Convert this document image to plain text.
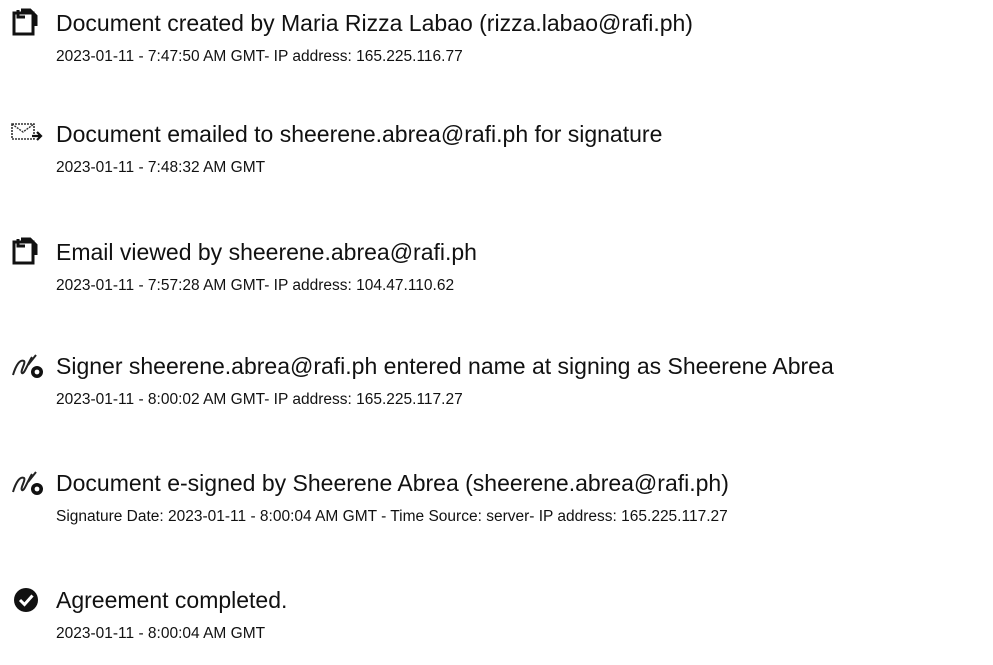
Document created by Maria Rizza Labao (rizza.labao@rafi.ph)
2023-01-11 - 7:47:50 AM GMT- IP address: 165.225.116.77
Document emailed to sheerene.abrea@rafi.ph for signature
2023-01-11 - 7:48:32 AM GMT
Email viewed by sheerene.abrea@rafi.ph
2023-01-11 - 7:57:28 AM GMT- IP address: 104.47.110.62
Signer sheerene.abrea@rafi.ph entered name at signing as Sheerene Abrea
2023-01-11 - 8:00:02 AM GMT- IP address: 165.225.117.27
Document e-signed by Sheerene Abrea (sheerene.abrea@rafi.ph)
Signature Date: 2023-01-11 - 8:00:04 AM GMT - Time Source: server- IP address: 165.225.117.27
Agreement completed.
2023-01-11 - 8:00:04 AM GMT
